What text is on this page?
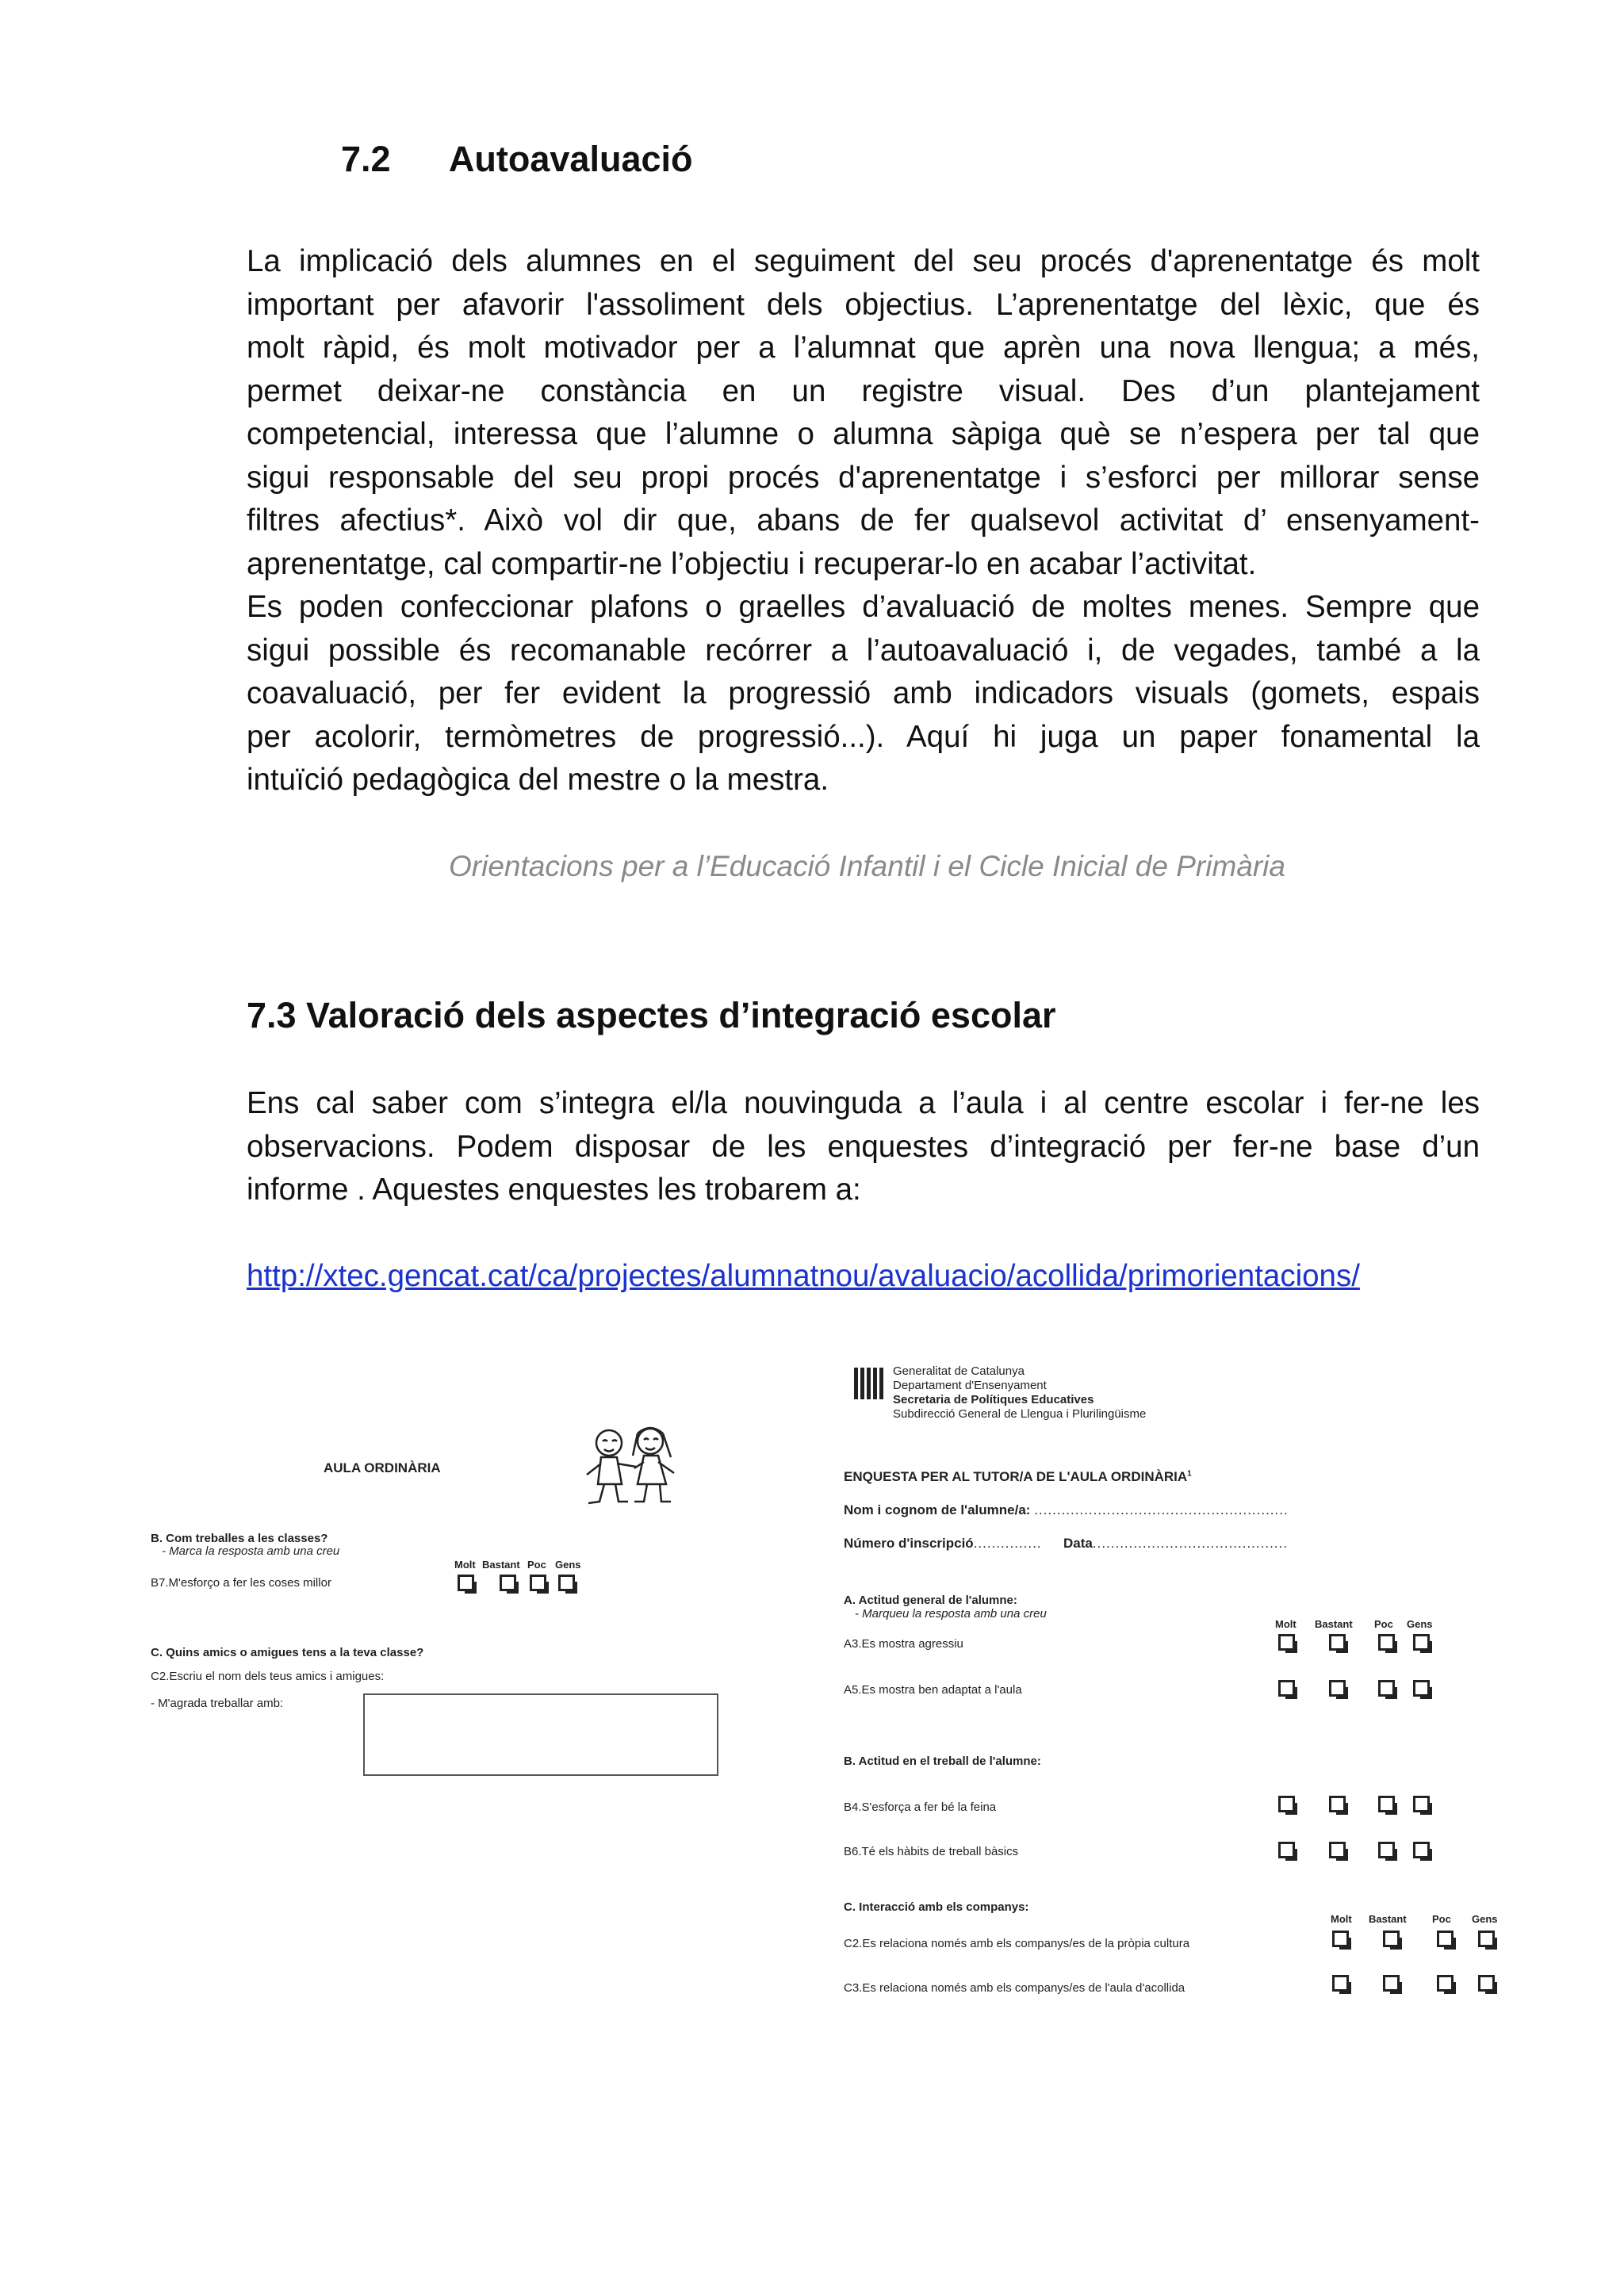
7.2 Autoavaluació
La implicació dels alumnes en el seguiment del seu procés d'aprenentatge és molt
important per afavorir l'assoliment dels objectius. L’aprenentatge del lèxic, que és
molt ràpid, és molt motivador per a l’alumnat que aprèn una nova llengua; a més,
permet deixar-ne constància en un registre visual. Des d’un plantejament
competencial, interessa que l’alumne o alumna sàpiga què se n’espera per tal que
sigui responsable del seu propi procés d'aprenentatge i s’esforci per millorar sense
filtres afectius*. Això vol dir que, abans de fer qualsevol activitat d’ ensenyament-
aprenentatge, cal compartir-ne l’objectiu i recuperar-lo en acabar l’activitat.
Es poden confeccionar plafons o graelles d’avaluació de moltes menes. Sempre que
sigui possible és recomanable recórrer a l’autoavaluació i, de vegades, també a la
coavaluació, per fer evident la progressió amb indicadors visuals (gomets, espais
per acolorir, termòmetres de progressió...). Aquí hi juga un paper fonamental la
intuïció pedagògica del mestre o la mestra.
Orientacions per a l’Educació Infantil i el Cicle Inicial de Primària
7.3 Valoració dels aspectes d’integració escolar
Ens cal saber com s’integra el/la nouvinguda a l’aula i al centre escolar i fer-ne les
observacions. Podem disposar de les enquestes d’integració per fer-ne base d’un
informe . Aquestes enquestes les trobarem a:
http://xtec.gencat.cat/ca/projectes/alumnatnou/avaluacio/acollida/primorientacions/
AULA ORDINÀRIA
B. Com treballes a les classes?
- Marca la resposta amb una creu
Molt Bastant Poc Gens
B7.M'esforço a fer les coses millor
C. Quins amics o amigues tens a la teva classe?
C2.Escriu el nom dels teus amics i amigues:
- M'agrada treballar amb:
Generalitat de Catalunya
Departament d'Ensenyament
Secretaria de Polítiques Educatives
Subdirecció General de Llengua i Plurilingüisme
ENQUESTA PER AL TUTOR/A DE L'AULA ORDINÀRIA$^1$
Nom i cognom de l'alumne/a: ........................................................
Número d'inscripció............... Data...........................................
A. Actitud general de l'alumne:
- Marqueu la resposta amb una creu
Molt Bastant Poc Gens
A3.Es mostra agressiu
A5.Es mostra ben adaptat a l'aula
B. Actitud en el treball de l'alumne:
B4.S'esforça a fer bé la feina
B6.Té els hàbits de treball bàsics
C. Interacció amb els companys:
Molt Bastant Poc Gens
C2.Es relaciona només amb els companys/es de la pròpia cultura
C3.Es relaciona només amb els companys/es de l'aula d'acollida
